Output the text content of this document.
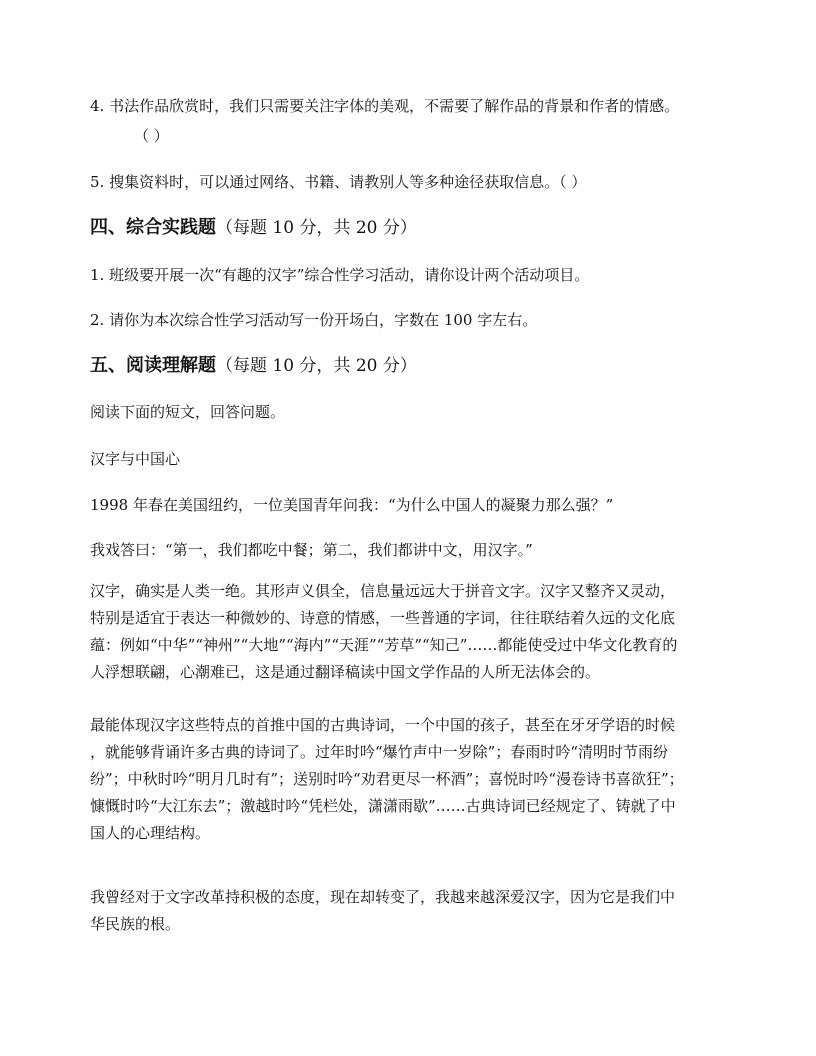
4. 书法作品欣赏时，我们只需要关注字体的美观，不需要了解作品的背景和作者的情感。
（ ）
5. 搜集资料时，可以通过网络、书籍、请教别人等多种途径获取信息。（ ）
四、综合实践题（每题 10 分，共 20 分）
1. 班级要开展一次“有趣的汉字”综合性学习活动，请你设计两个活动项目。
2. 请你为本次综合性学习活动写一份开场白，字数在 100 字左右。
五、阅读理解题（每题 10 分，共 20 分）
阅读下面的短文，回答问题。
汉字与中国心
1998 年春在美国纽约，一位美国青年问我：“为什么中国人的凝聚力那么强？”
我戏答曰：“第一，我们都吃中餐；第二，我们都讲中文，用汉字。”
汉字，确实是人类一绝。其形声义俱全，信息量远远大于拼音文字。汉字又整齐又灵动，
特别是适宜于表达一种微妙的、诗意的情感，一些普通的字词，往往联结着久远的文化底
蕴：例如“中华”“神州”“大地”“海内”“天涯”“芳草”“知己”……都能使受过中华文化教育的
人浮想联翩，心潮难已，这是通过翻译稿读中国文学作品的人所无法体会的。
最能体现汉字这些特点的首推中国的古典诗词，一个中国的孩子，甚至在牙牙学语的时候
，就能够背诵许多古典的诗词了。过年时吟“爆竹声中一岁除”；春雨时吟“清明时节雨纷
纷”；中秋时吟“明月几时有”；送别时吟“劝君更尽一杯酒”；喜悦时吟“漫卷诗书喜欲狂”；
慷慨时吟“大江东去”；激越时吟“凭栏处，潇潇雨歇”……古典诗词已经规定了、铸就了中
国人的心理结构。
我曾经对于文字改革持积极的态度，现在却转变了，我越来越深爱汉字，因为它是我们中
华民族的根。
